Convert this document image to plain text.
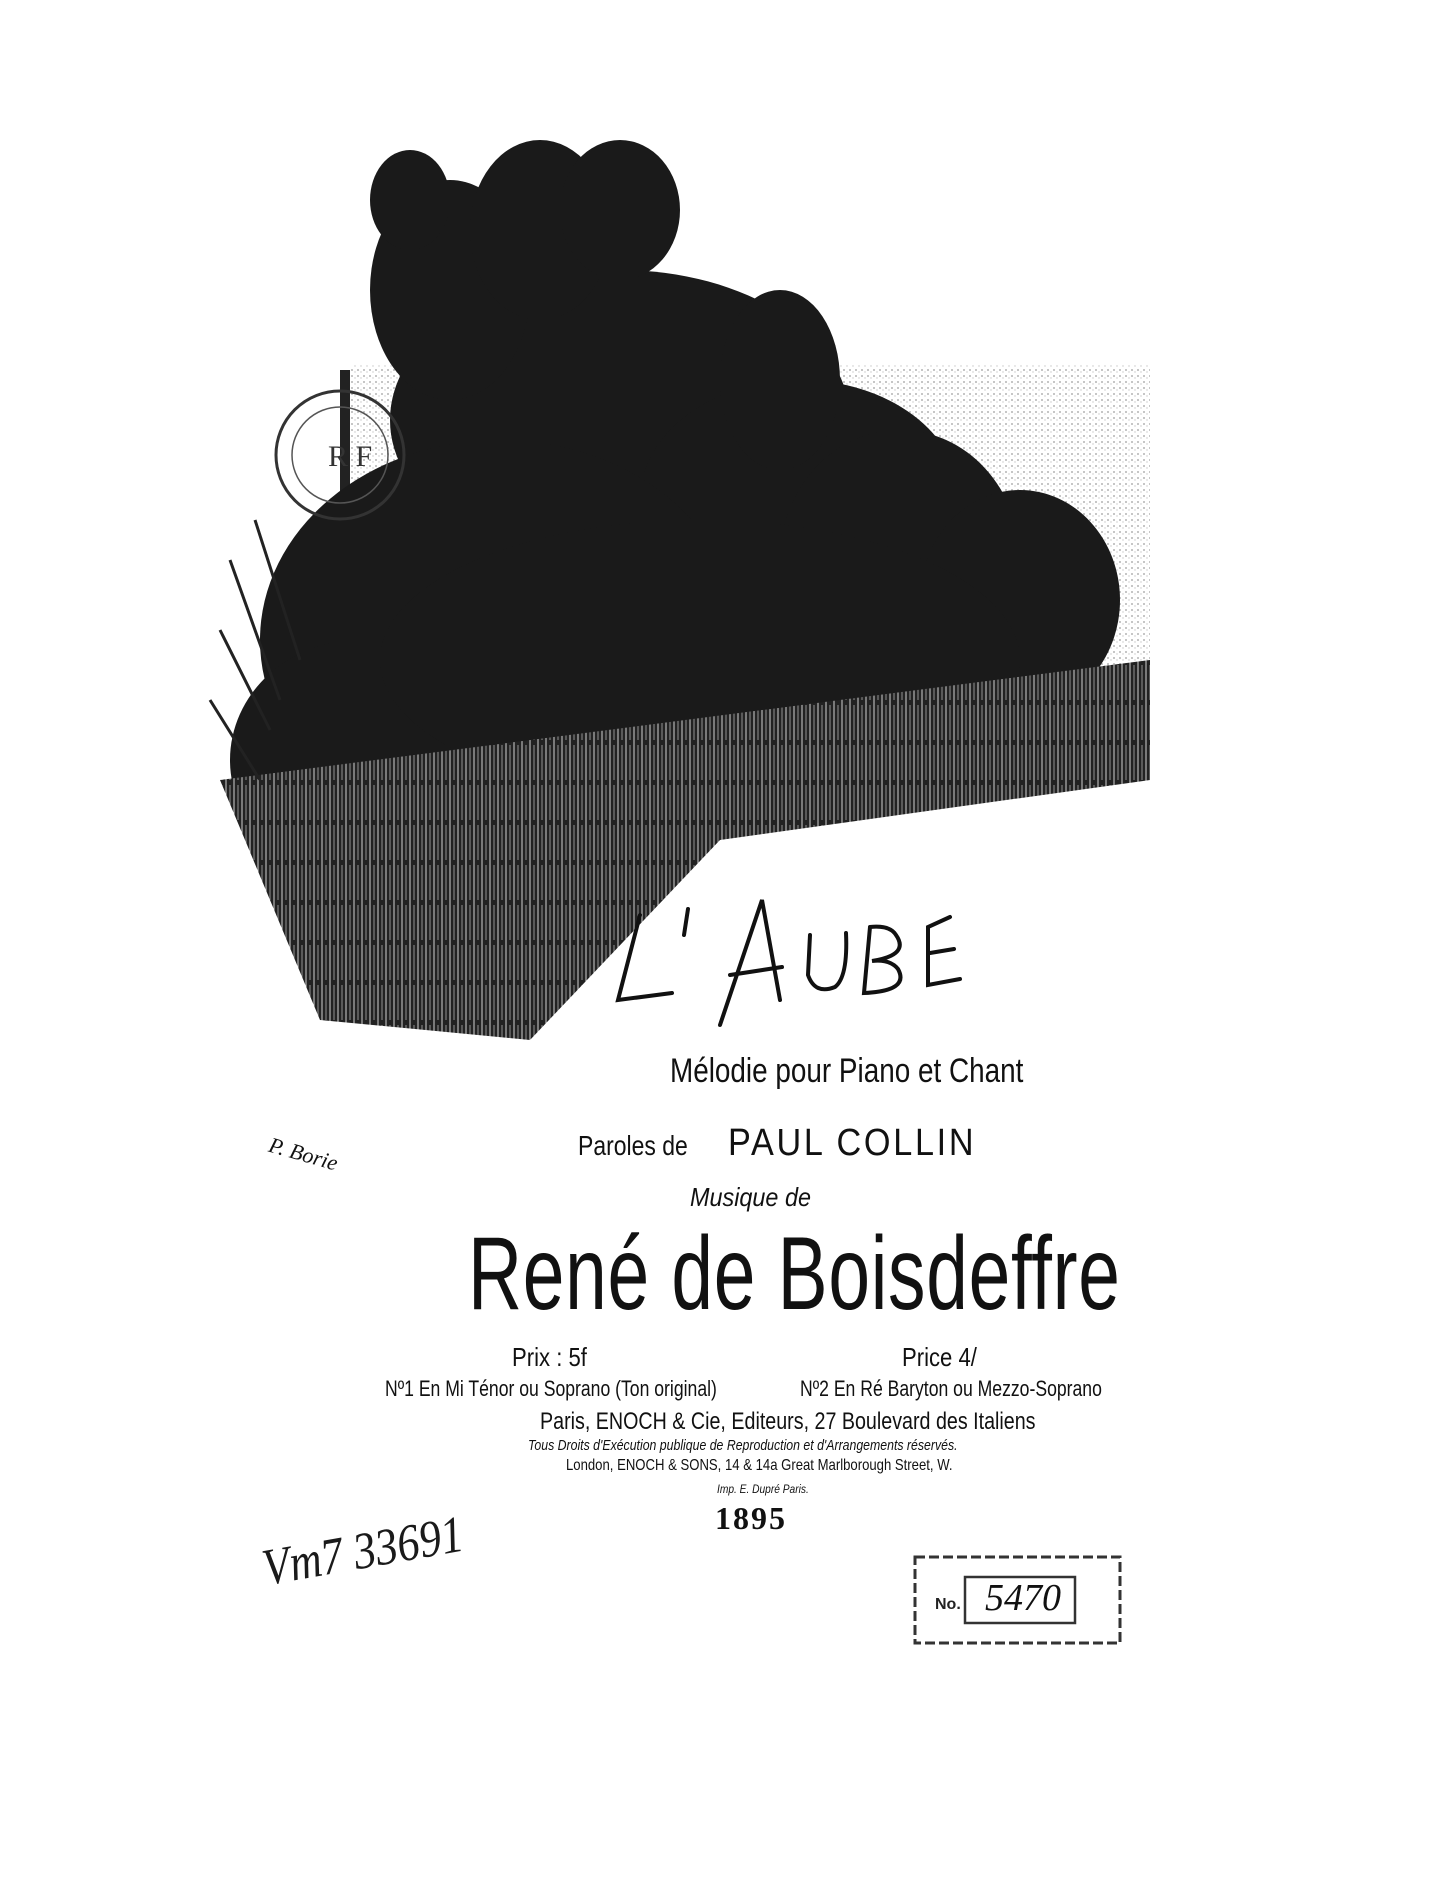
R F
L'AUBE
Mélodie pour Piano et Chant
Paroles de PAUL COLLIN
Musique de
René de Boisdeffre
P. Borie
Prix : 5f	Price 4/
Nº1 En Mi Ténor ou Soprano (Ton original)	Nº2 En Ré Baryton ou Mezzo-Soprano
Paris, ENOCH & Cie, Editeurs, 27 Boulevard des Italiens
Tous Droits d'Exécution publique de Reproduction et d'Arrangements réservés.
London, ENOCH & SONS, 14 & 14a Great Marlborough Street, W.
Imp. E. Dupré Paris.
1895
Vm7 33691
No. 5470
